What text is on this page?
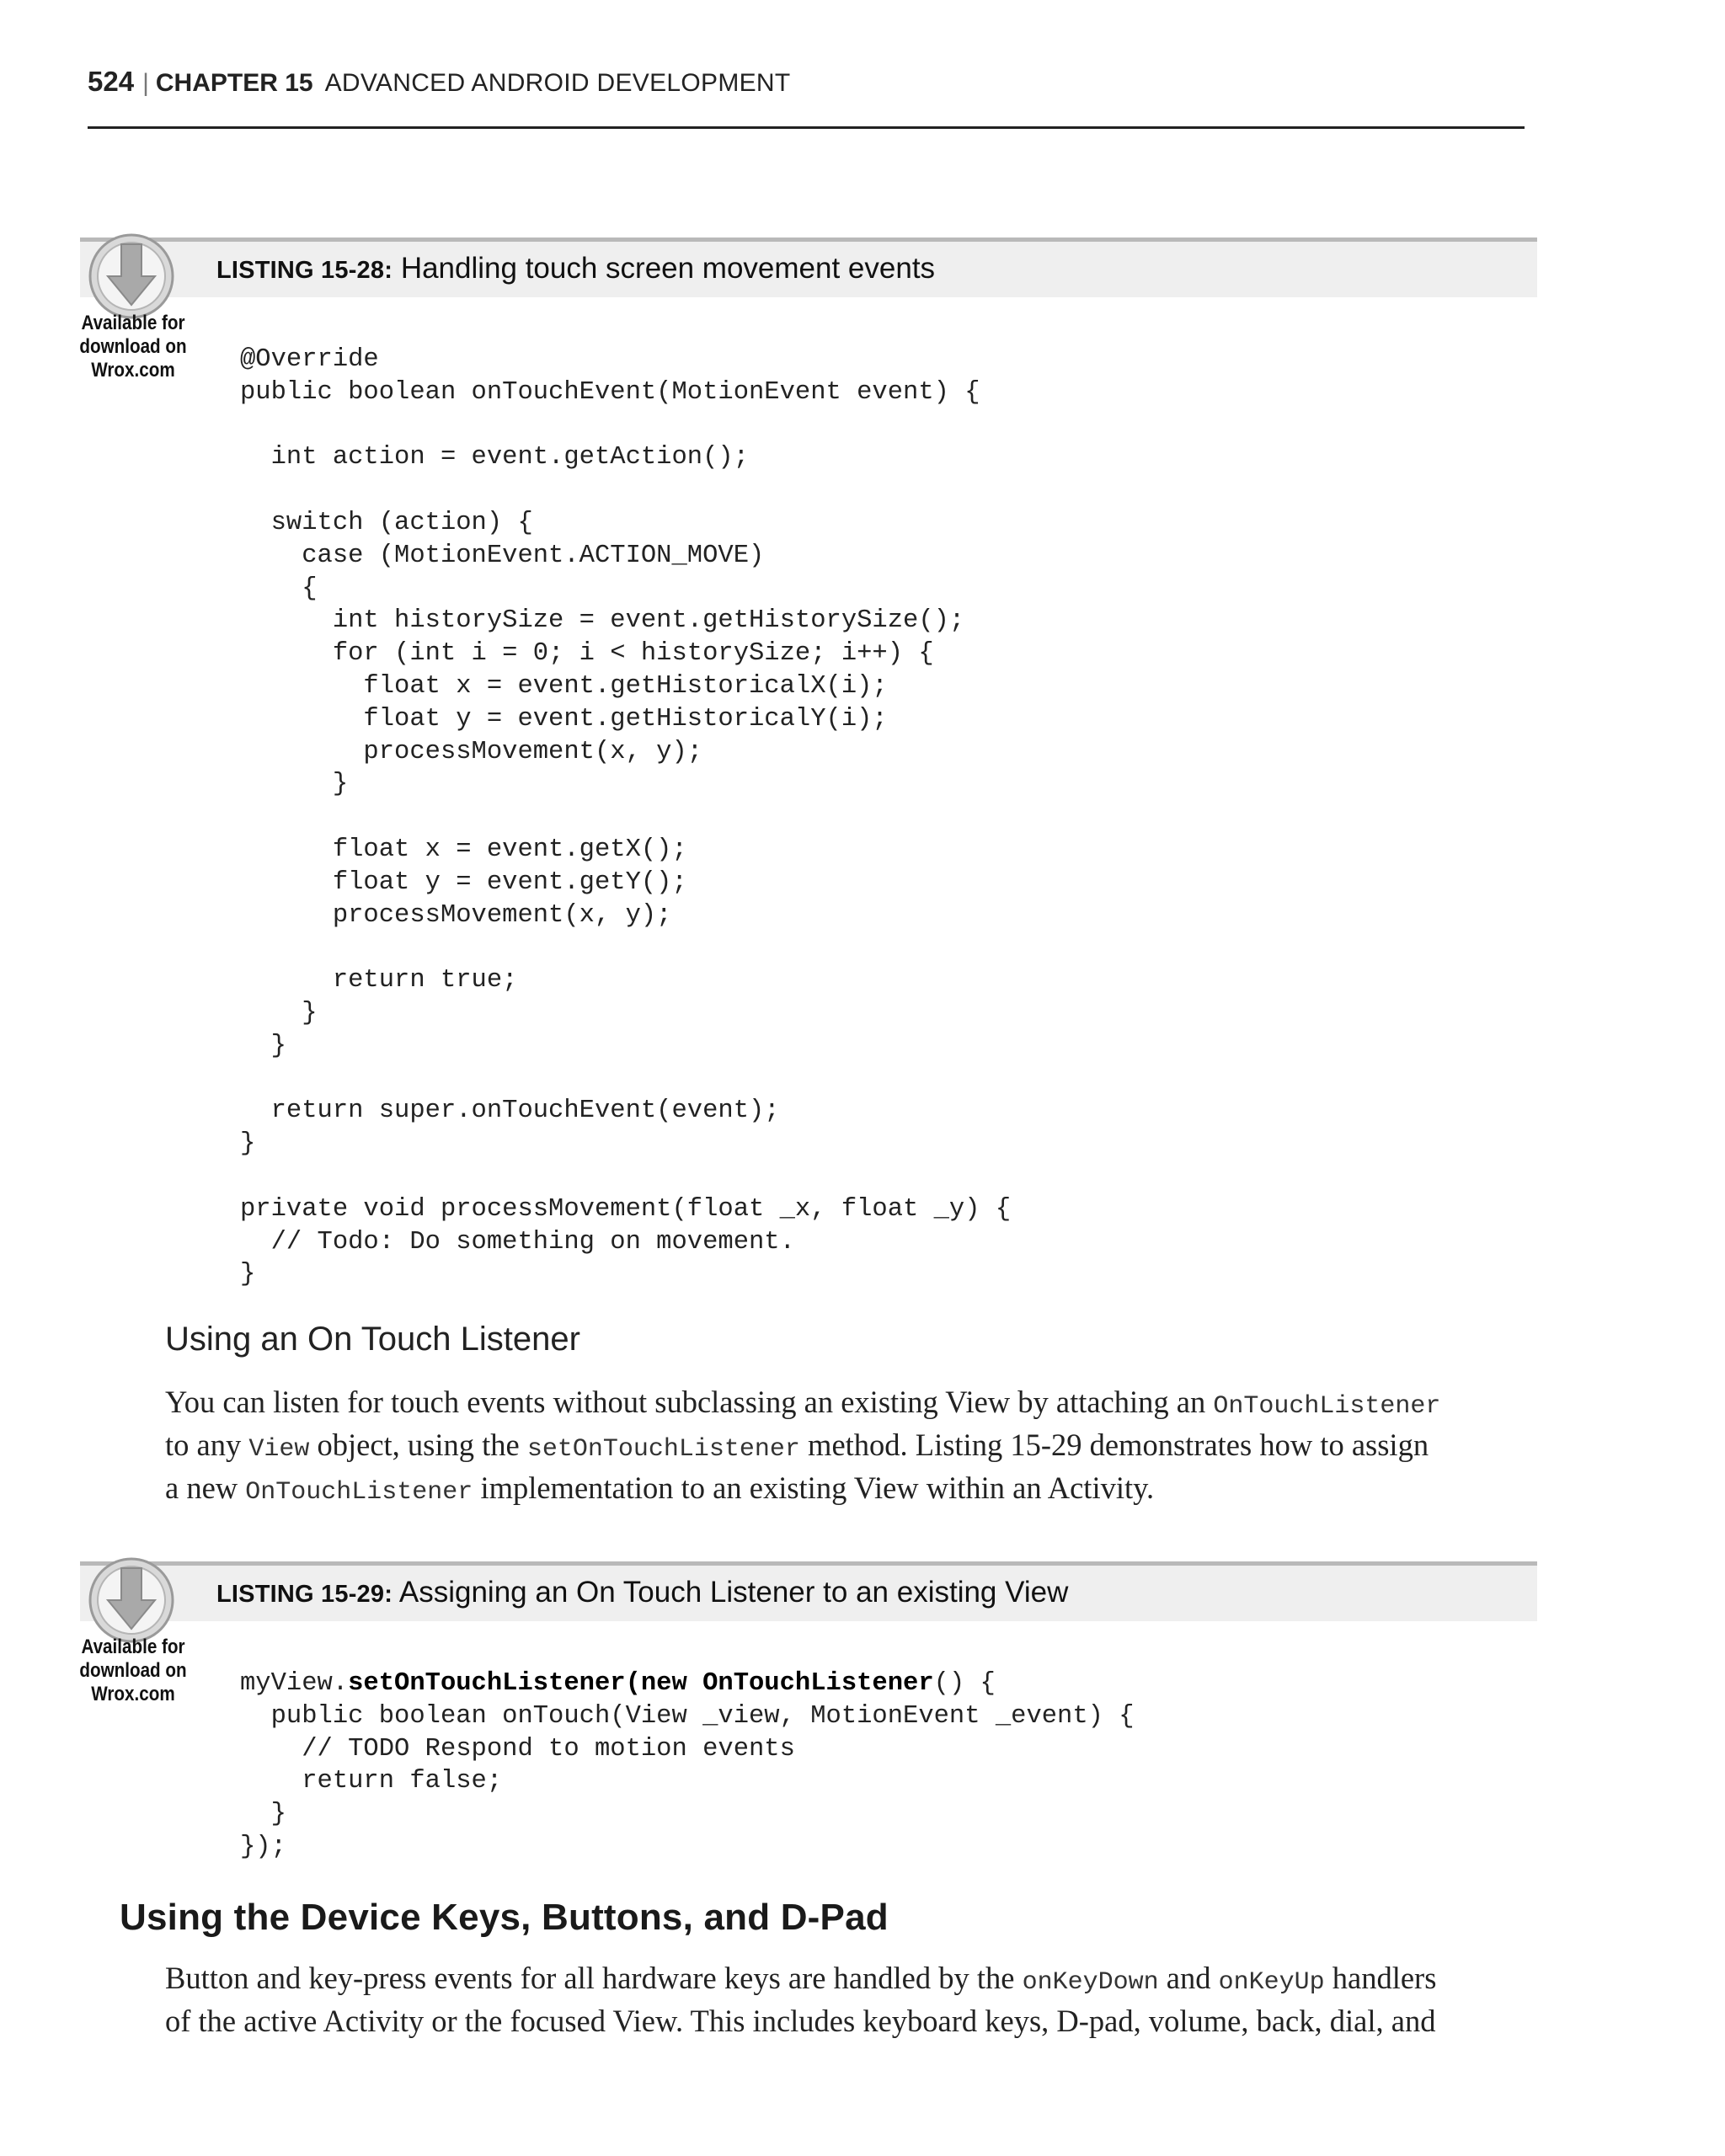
524 | CHAPTER 15 ADVANCED ANDROID DEVELOPMENT
LISTING 15-28: Handling touch screen movement events
Available for
download on
Wrox.com	@Override
public boolean onTouchEvent(MotionEvent event) {

int action = event.getAction();

switch (action) {
case (MotionEvent.ACTION_MOVE)
{
int historySize = event.getHistorySize();
for (int i = 0; i < historySize; i++) {
float x = event.getHistoricalX(i);
float y = event.getHistoricalY(i);
processMovement(x, y);
}

float x = event.getX();
float y = event.getY();
processMovement(x, y);

return true;
}
}

return super.onTouchEvent(event);
}

private void processMovement(float _x, float _y) {
// Todo: Do something on movement.
}
Using an On Touch Listener

You can listen for touch events without subclassing an existing View by attaching an OnTouchListener
to any View object, using the setOnTouchListener method. Listing 15-29 demonstrates how to assign
a new OnTouchListener implementation to an existing View within an Activity.

LISTING 15-29: Assigning an On Touch Listener to an existing View
Available for
download on
Wrox.com	myView.setOnTouchListener(new OnTouchListener() {
public boolean onTouch(View _view, MotionEvent _event) {
// TODO Respond to motion events
return false;
}
});
Using the Device Keys, Buttons, and D-Pad

Button and key-press events for all hardware keys are handled by the onKeyDown and onKeyUp handlers
of the active Activity or the focused View. This includes keyboard keys, D-pad, volume, back, dial, and
